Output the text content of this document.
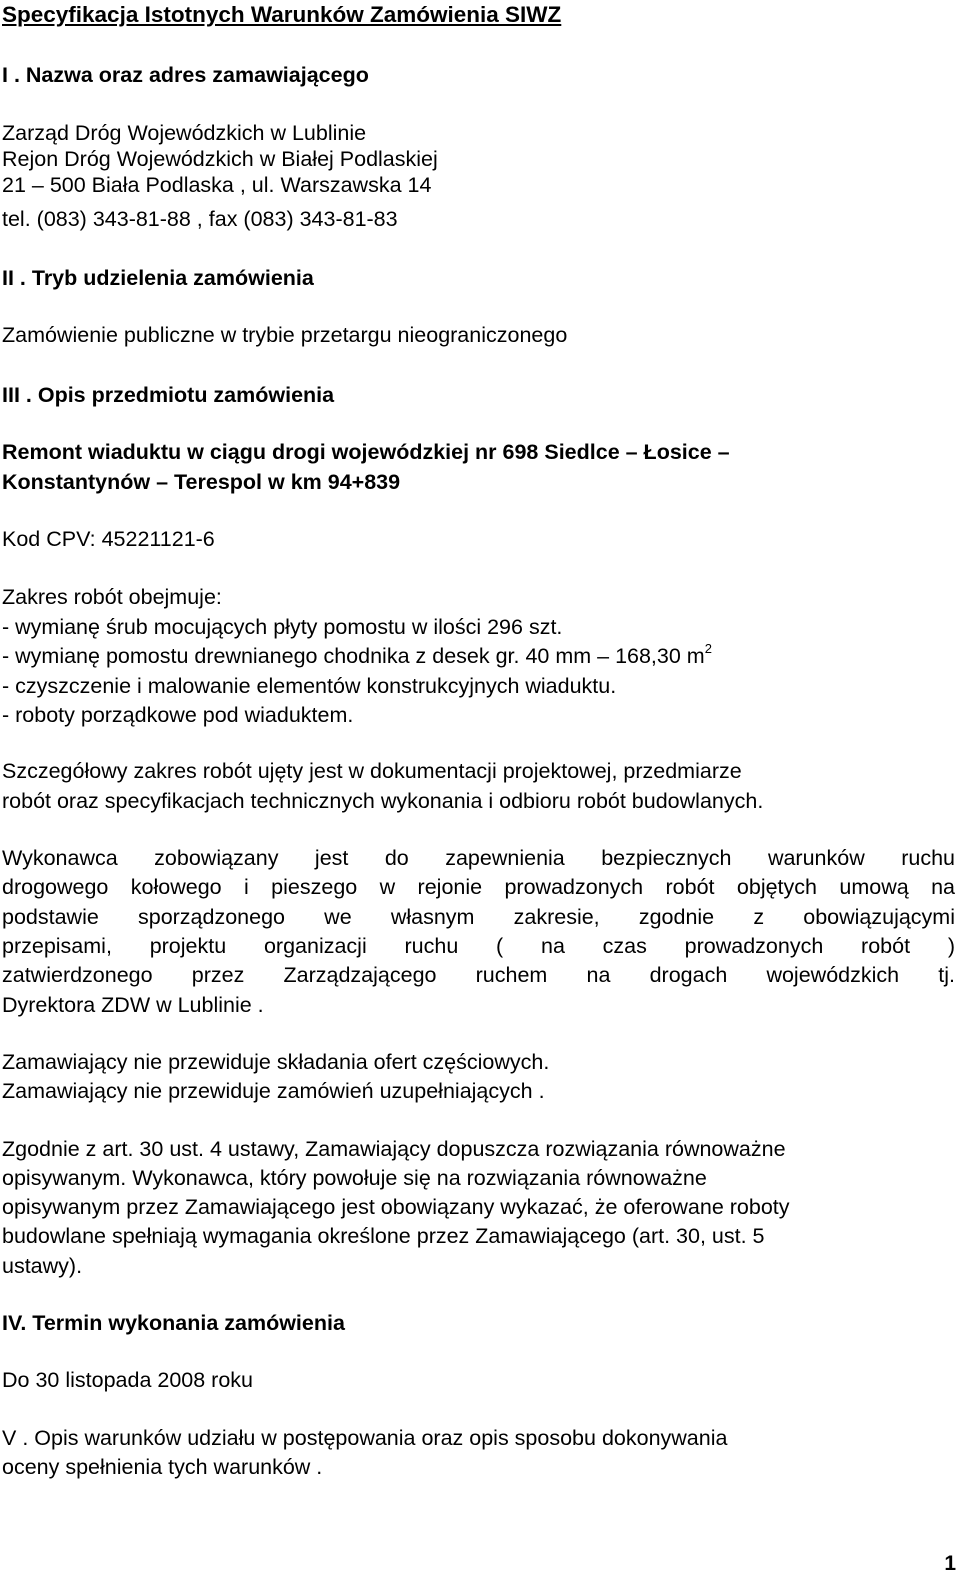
Specyfikacja Istotnych Warunków Zamówienia SIWZ
I . Nazwa oraz adres zamawiającego
Zarząd Dróg Wojewódzkich w Lublinie
Rejon Dróg Wojewódzkich w Białej Podlaskiej
21 – 500 Biała Podlaska , ul. Warszawska 14
tel. (083) 343-81-88 , fax (083) 343-81-83
II . Tryb udzielenia zamówienia
Zamówienie publiczne w trybie przetargu nieograniczonego
III . Opis przedmiotu zamówienia
Remont wiaduktu w ciągu drogi wojewódzkiej nr 698 Siedlce – Łosice –
Konstantynów – Terespol w km 94+839
Kod CPV: 45221121-6
Zakres robót obejmuje:
- wymianę śrub mocujących płyty pomostu w ilości 296 szt.
- wymianę pomostu drewnianego chodnika z desek gr. 40 mm – 168,30 $m^2$
- czyszczenie i malowanie elementów konstrukcyjnych wiaduktu.
- roboty porządkowe pod wiaduktem.
Szczegółowy zakres robót ujęty jest w dokumentacji projektowej, przedmiarze
robót oraz specyfikacjach technicznych wykonania i odbioru robót budowlanych.
Wykonawca zobowiązany jest do zapewnienia bezpiecznych warunków ruchu
drogowego kołowego i pieszego w rejonie prowadzonych robót objętych umową na
podstawie sporządzonego we własnym zakresie, zgodnie z obowiązującymi
przepisami, projektu organizacji ruchu ( na czas prowadzonych robót )
zatwierdzonego przez Zarządzającego ruchem na drogach wojewódzkich tj.
Dyrektora ZDW w Lublinie .
Zamawiający nie przewiduje składania ofert częściowych.
Zamawiający nie przewiduje zamówień uzupełniających .
Zgodnie z art. 30 ust. 4 ustawy, Zamawiający dopuszcza rozwiązania równoważne
opisywanym. Wykonawca, który powołuje się na rozwiązania równoważne
opisywanym przez Zamawiającego jest obowiązany wykazać, że oferowane roboty
budowlane spełniają wymagania określone przez Zamawiającego (art. 30, ust. 5
ustawy).
IV. Termin wykonania zamówienia
Do 30 listopada 2008 roku
V . Opis warunków udziału w postępowania oraz opis sposobu dokonywania
oceny spełnienia tych warunków .
1
